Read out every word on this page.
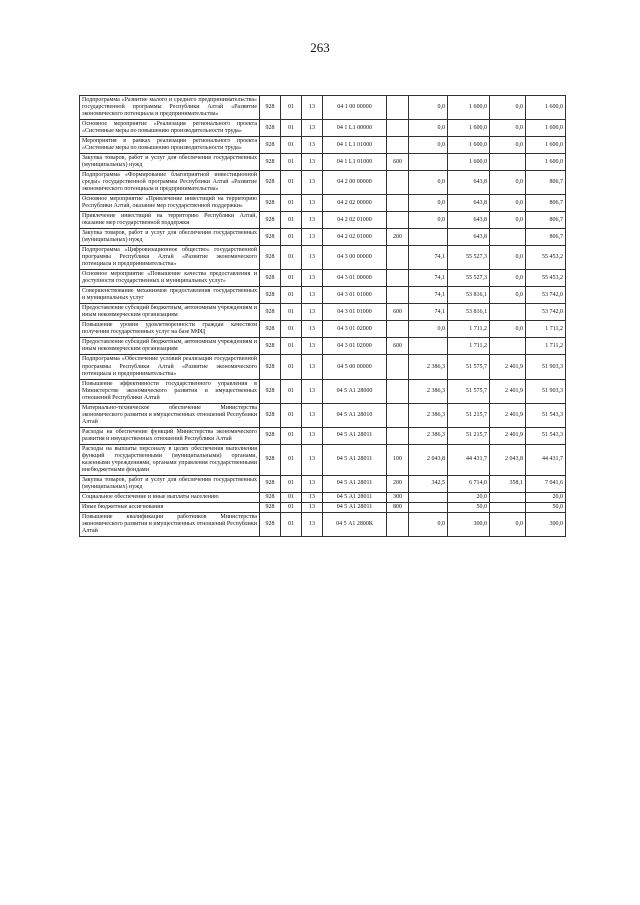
263
Подпрограмма «Развитие малого и среднего предпринимательства» государственной программы Республики Алтай «Развитие экономического потенциала и предпринимательства»	928	01	13	04 1 00 00000		0,0	1 600,0	0,0	1 600,0
Основное мероприятие «Реализация регионального проекта «Системные меры по повышению производительности труда»	928	01	13	04 1 L1 00000		0,0	1 600,0	0,0	1 600,0
Мероприятия в рамках реализации регионального проекта «Системные меры по повышению производительности труда»	928	01	13	04 1 L1 01000		0,0	1 600,0	0,0	1 600,0
Закупка товаров, работ и услуг для обеспечения государственных (муниципальных) нужд	928	01	13	04 1 L1 01000	600		1 600,0		1 600,0
Подпрограмма «Формирование благоприятной инвестиционной среды» государственной программы Республики Алтай «Развитие экономического потенциала и предпринимательства»	928	01	13	04 2 00 00000		0,0	643,8	0,0	806,7
Основное мероприятие «Привлечение инвестиций на территорию Республики Алтай, оказание мер государственной поддержки»	928	01	13	04 2 02 00000		0,0	643,8	0,0	806,7
Привлечение инвестиций на территорию Республики Алтай, оказание мер государственной поддержки	928	01	13	04 2 02 01000		0,0	643,8	0,0	806,7
Закупка товаров, работ и услуг для обеспечения государственных (муниципальных) нужд	928	01	13	04 2 02 01000	200		643,8		806,7
Подпрограмма «Цифровизационное общество» государственной программы Республики Алтай «Развитие экономического потенциала и предпринимательства»	928	01	13	04 3 00 00000		74,1	55 527,3	0,0	55 453,2
Основное мероприятие «Повышение качества предоставления и доступности государственных и муниципальных услуг»	928	01	13	04 3 01 00000		74,1	55 527,3	0,0	55 453,2
Совершенствование механизмов предоставления государственных и муниципальных услуг	928	01	13	04 3 01 01000		74,1	53 816,1	0,0	53 742,0
Предоставление субсидий бюджетным, автономным учреждениям и иным некоммерческим организациям	928	01	13	04 3 01 01000	600	74,1	53 816,1		53 742,0
Повышение уровня удовлетворенности граждан качеством получения государственных услуг на базе МФЦ	928	01	13	04 3 01 02000		0,0	1 711,2	0,0	1 711,2
Предоставление субсидий бюджетным, автономным учреждениям и иным некоммерческим организациям	928	01	13	04 3 01 02000	600		1 711,2		1 711,2
Подпрограмма «Обеспечение условий реализации государственной программы Республики Алтай «Развитие экономического потенциала и предпринимательства»	928	01	13	04 5 00 00000		2 386,3	51 575,7	2 401,9	51 903,3
Повышение эффективности государственного управления в Министерстве экономического развития и имущественных отношений Республики Алтай	928	01	13	04 5 А1 28000		2 386,3	51 575,7	2 401,9	51 903,3
Материально-техническое обеспечение Министерства экономического развития и имущественных отношений Республики Алтай	928	01	13	04 5 А1 28010		2 386,3	51 215,7	2 401,9	51 543,3
Расходы на обеспечение функций Министерства экономического развития и имущественных отношений Республики Алтай	928	01	13	04 5 А1 28011		2 386,3	51 215,7	2 401,9	51 543,3
Расходы на выплаты персоналу в целях обеспечения выполнения функций государственными (муниципальными) органами, казенными учреждениями, органами управления государственными внебюджетными фондами	928	01	13	04 5 А1 28011	100	2 043,8	44 431,7	2 043,8	44 431,7
Закупка товаров, работ и услуг для обеспечения государственных (муниципальных) нужд	928	01	13	04 5 А1 28011	200	342,5	6 714,0	358,1	7 041,6
Социальное обеспечение и иные выплаты населению	928	01	13	04 5 А1 28011	300		20,0		20,0
Иные бюджетные ассигнования	928	01	13	04 5 А1 28011	800		50,0		50,0
Повышение квалификации работников Министерства экономического развития и имущественных отношений Республики Алтай	928	01	13	04 5 А1 2800К		0,0	300,0	0,0	300,0
